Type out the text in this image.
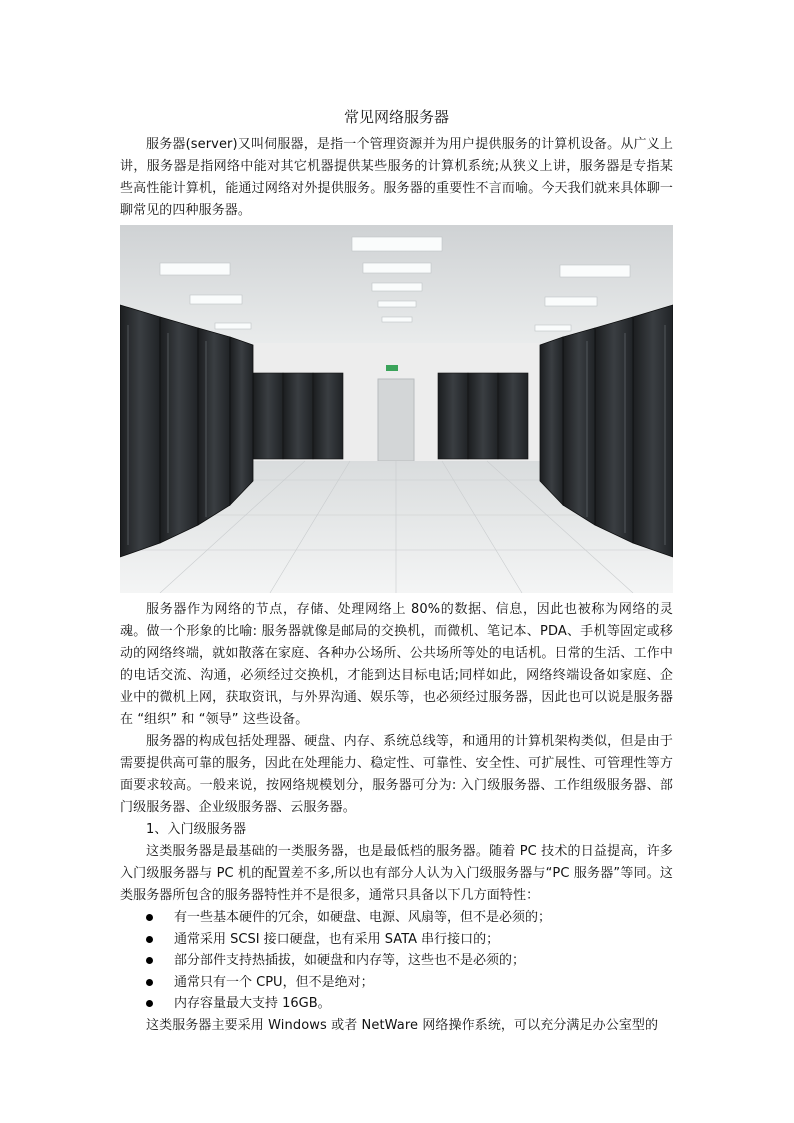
常见网络服务器

服务器(server)又叫伺服器，是指一个管理资源并为用户提供服务的计算机设备。从广义上讲，服务器是指网络中能对其它机器提供某些服务的计算机系统;从狭义上讲，服务器是专指某些高性能计算机，能通过网络对外提供服务。服务器的重要性不言而喻。今天我们就来具体聊一聊常见的四种服务器。

服务器作为网络的节点，存储、处理网络上 80%的数据、信息，因此也被称为网络的灵魂。做一个形象的比喻: 服务器就像是邮局的交换机，而微机、笔记本、PDA、手机等固定或移动的网络终端，就如散落在家庭、各种办公场所、公共场所等处的电话机。日常的生活、工作中的电话交流、沟通，必须经过交换机，才能到达目标电话;同样如此，网络终端设备如家庭、企业中的微机上网，获取资讯，与外界沟通、娱乐等，也必须经过服务器，因此也可以说是服务器在 “组织” 和 “领导” 这些设备。

服务器的构成包括处理器、硬盘、内存、系统总线等，和通用的计算机架构类似，但是由于需要提供高可靠的服务，因此在处理能力、稳定性、可靠性、安全性、可扩展性、可管理性等方面要求较高。一般来说，按网络规模划分，服务器可分为: 入门级服务器、工作组级服务器、部门级服务器、企业级服务器、云服务器。

1、入门级服务器

这类服务器是最基础的一类服务器，也是最低档的服务器。随着 PC 技术的日益提高，许多入门级服务器与 PC 机的配置差不多,所以也有部分人认为入门级服务器与“PC 服务器”等同。这类服务器所包含的服务器特性并不是很多，通常只具备以下几方面特性：

有一些基本硬件的冗余，如硬盘、电源、风扇等，但不是必须的；
通常采用 SCSI 接口硬盘，也有采用 SATA 串行接口的；
部分部件支持热插拔，如硬盘和内存等，这些也不是必须的；
通常只有一个 CPU，但不是绝对；
内存容量最大支持 16GB。

这类服务器主要采用 Windows 或者 NetWare 网络操作系统，可以充分满足办公室型的
